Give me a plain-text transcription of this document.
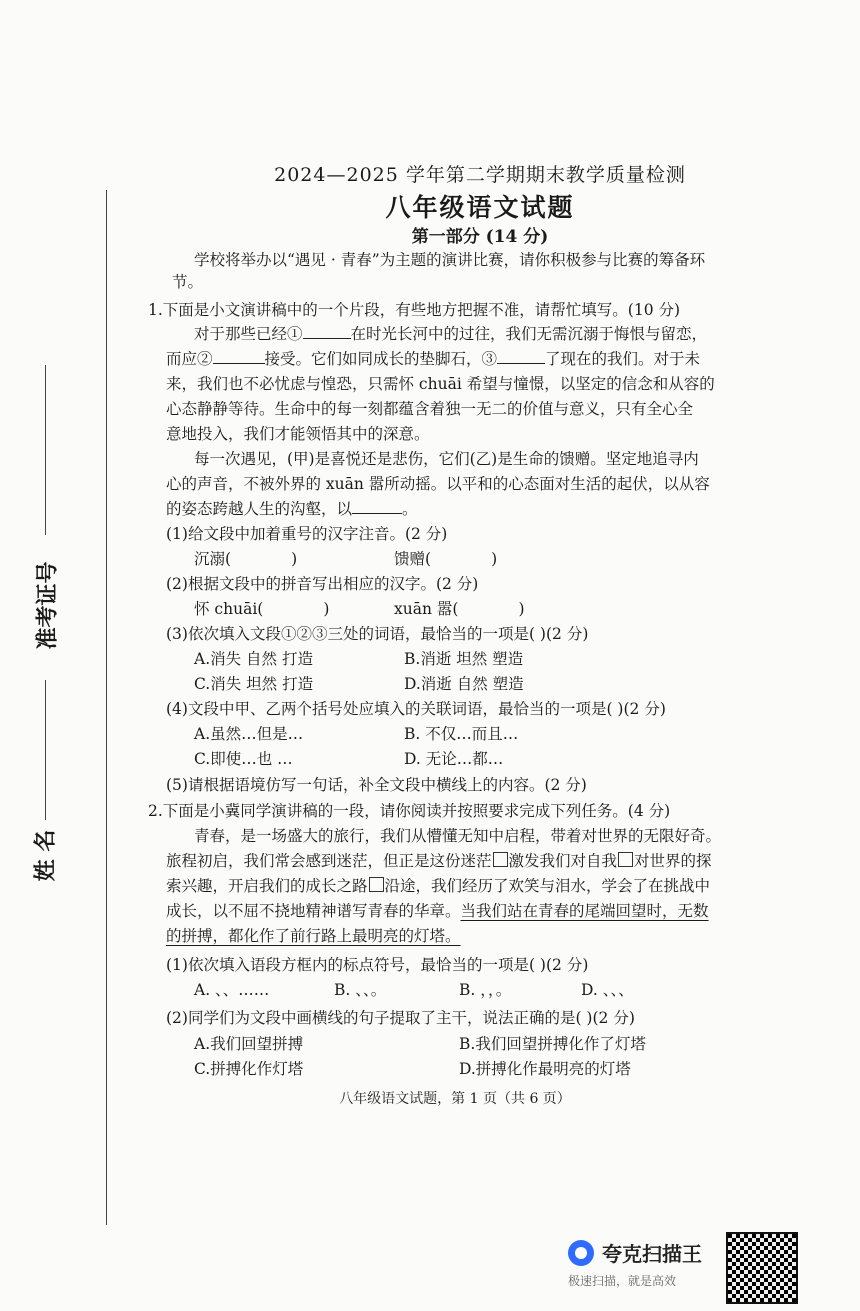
准考证号
姓 名
2024—2025 学年第二学期期末教学质量检测
八年级语文试题
第一部分 (14 分)
学校将举办以“遇见 · 青春”为主题的演讲比赛，请你积极参与比赛的筹备环
节。
1.下面是小文演讲稿中的一个片段，有些地方把握不准，请帮忙填写。(10 分)
对于那些已经①	在时光长河中的过往，我们无需沉溺于悔恨与留恋，
而应②	接受。它们如同成长的垫脚石，③	了现在的我们。对于未
来，我们也不必忧虑与惶恐，只需怀 chuāi 希望与憧憬，以坚定的信念和从容的
心态静静等待。生命中的每一刻都蕴含着独一无二的价值与意义，只有全心全
意地投入，我们才能领悟其中的深意。
每一次遇见，(甲)是喜悦还是悲伤，它们(乙)是生命的馈赠。坚定地追寻内
心的声音，不被外界的 xuān 嚣所动摇。以平和的心态面对生活的起伏，以从容
的姿态跨越人生的沟壑，以	。
(1)给文段中加着重号的汉字注音。(2 分)
沉溺(	)	馈赠(	)
(2)根据文段中的拼音写出相应的汉字。(2 分)
怀 chuāi(	)	xuān 嚣(	)
(3)依次填入文段①②③三处的词语，最恰当的一项是( )(2 分)
A.消失 自然 打造	B.消逝 坦然 塑造
C.消失 坦然 打造	D.消逝 自然 塑造
(4)文段中甲、乙两个括号处应填入的关联词语，最恰当的一项是( )(2 分)
A.虽然…但是…	B. 不仅…而且…
C.即使…也 …	D. 无论…都…
(5)请根据语境仿写一句话，补全文段中横线上的内容。(2 分)
2.下面是小冀同学演讲稿的一段，请你阅读并按照要求完成下列任务。(4 分)
青春，是一场盛大的旅行，我们从懵懂无知中启程，带着对世界的无限好奇。
旅程初启，我们常会感到迷茫，但正是这份迷茫 激发我们对自我 对世界的探
索兴趣，开启我们的成长之路 沿途，我们经历了欢笑与泪水，学会了在挑战中
成长，以不屈不挠地精神谱写青春的华章。当我们站在青春的尾端回望时，无数
的拼搏，都化作了前行路上最明亮的灯塔。
(1)依次填入语段方框内的标点符号，最恰当的一项是( )(2 分)
A. 、、……	B. 、、。	B. ，，。	D. 、、、
(2)同学们为文段中画横线的句子提取了主干，说法正确的是( )(2 分)
A.我们回望拼搏	B.我们回望拼搏化作了灯塔
C.拼搏化作灯塔	D.拼搏化作最明亮的灯塔
八年级语文试题，第 1 页（共 6 页）
夸克扫描王
极速扫描，就是高效
